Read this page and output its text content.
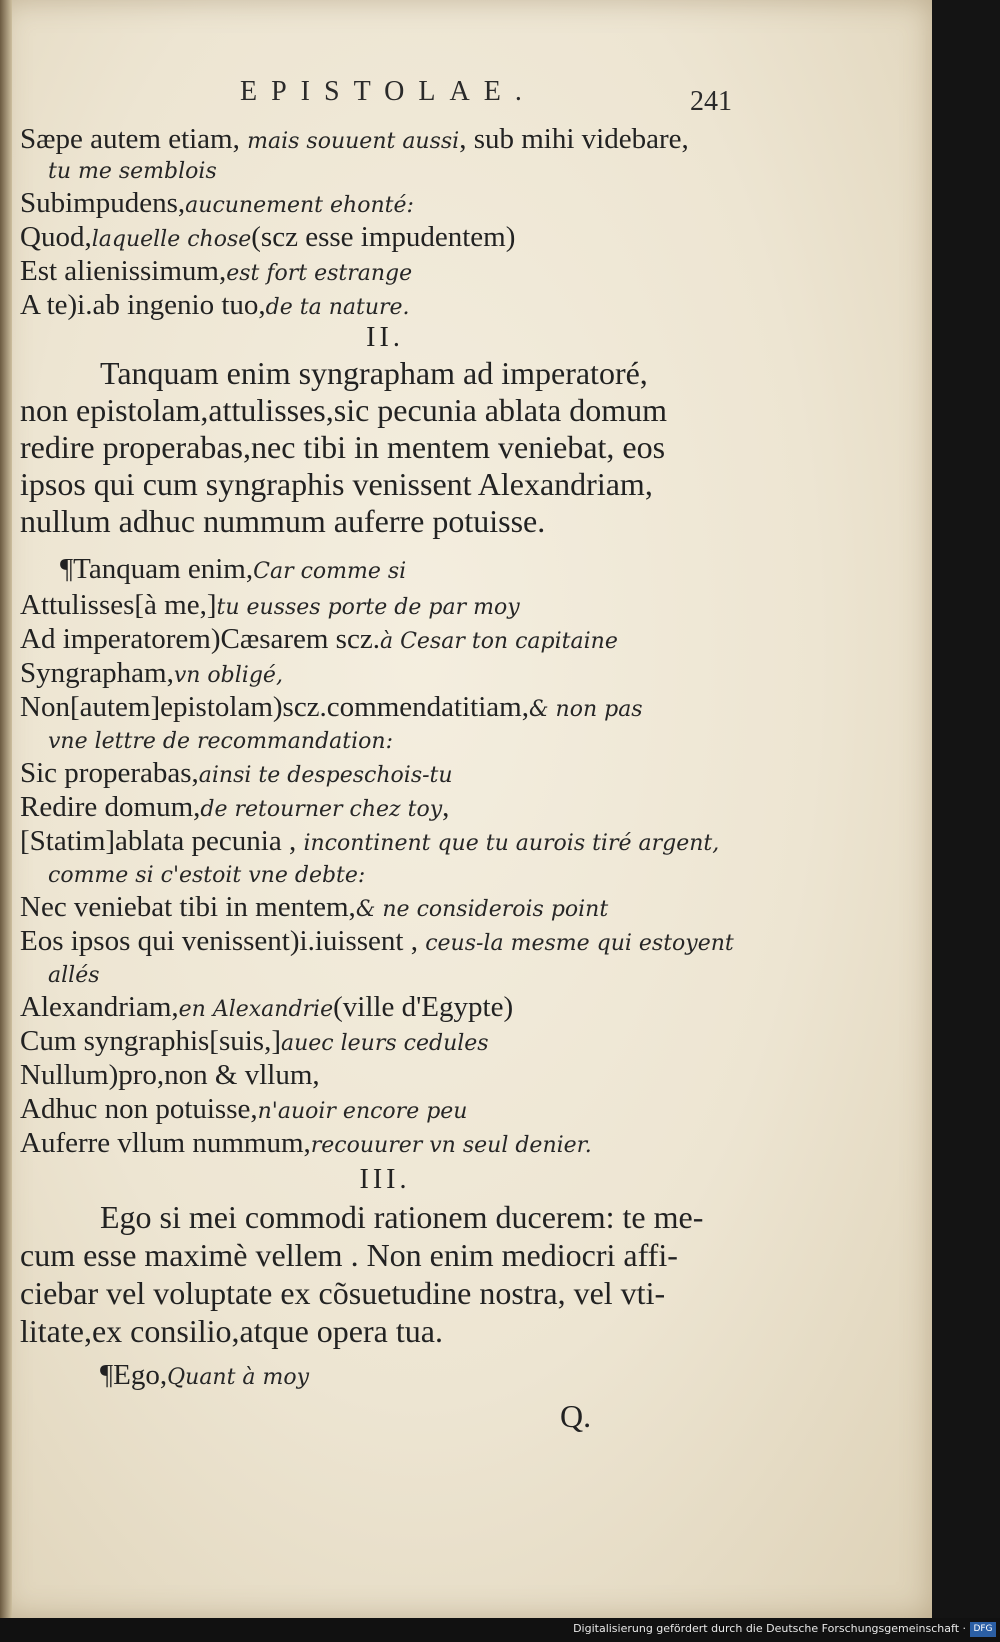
EPISTOLAE.	241
Sæpe autem etiam, mais souuent aussi, sub mihi videbare,
tu me semblois
Subimpudens,aucunement ehonté:
Quod,laquelle chose(scz esse impudentem)
Est alienissimum,est fort estrange
A te)i.ab ingenio tuo,de ta nature.
II.
Tanquam enim syngrapham ad imperatoré,
non epistolam,attulisses,sic pecunia ablata domum
redire properabas,nec tibi in mentem veniebat, eos
ipsos qui cum syngraphis venissent Alexandriam,
nullum adhuc nummum auferre potuisse.
¶Tanquam enim,Car comme si
Attulisses[à me,]tu eusses porte de par moy
Ad imperatorem)Cæsarem scz.à Cesar ton capitaine
Syngrapham,vn obligé,
Non[autem]epistolam)scz.commendatitiam,& non pas
vne lettre de recommandation:
Sic properabas,ainsi te despeschois-tu
Redire domum,de retourner chez toy,
[Statim]ablata pecunia , incontinent que tu aurois tiré argent,
comme si c'estoit vne debte:
Nec veniebat tibi in mentem,& ne considerois point
Eos ipsos qui venissent)i.iuissent , ceus-la mesme qui estoyent
allés
Alexandriam,en Alexandrie(ville d'Egypte)
Cum syngraphis[suis,]auec leurs cedules
Nullum)pro,non & vllum,
Adhuc non potuisse,n'auoir encore peu
Auferre vllum nummum,recouurer vn seul denier.
III.
Ego si mei commodi rationem ducerem: te me-
cum esse maximè vellem . Non enim mediocri affi-
ciebar vel voluptate ex cõsuetudine nostra, vel vti-
litate,ex consilio,atque opera tua.
¶Ego,Quant à moy
Q.
Digitalisierung gefördert durch die Deutsche Forschungsgemeinschaft · DFG
